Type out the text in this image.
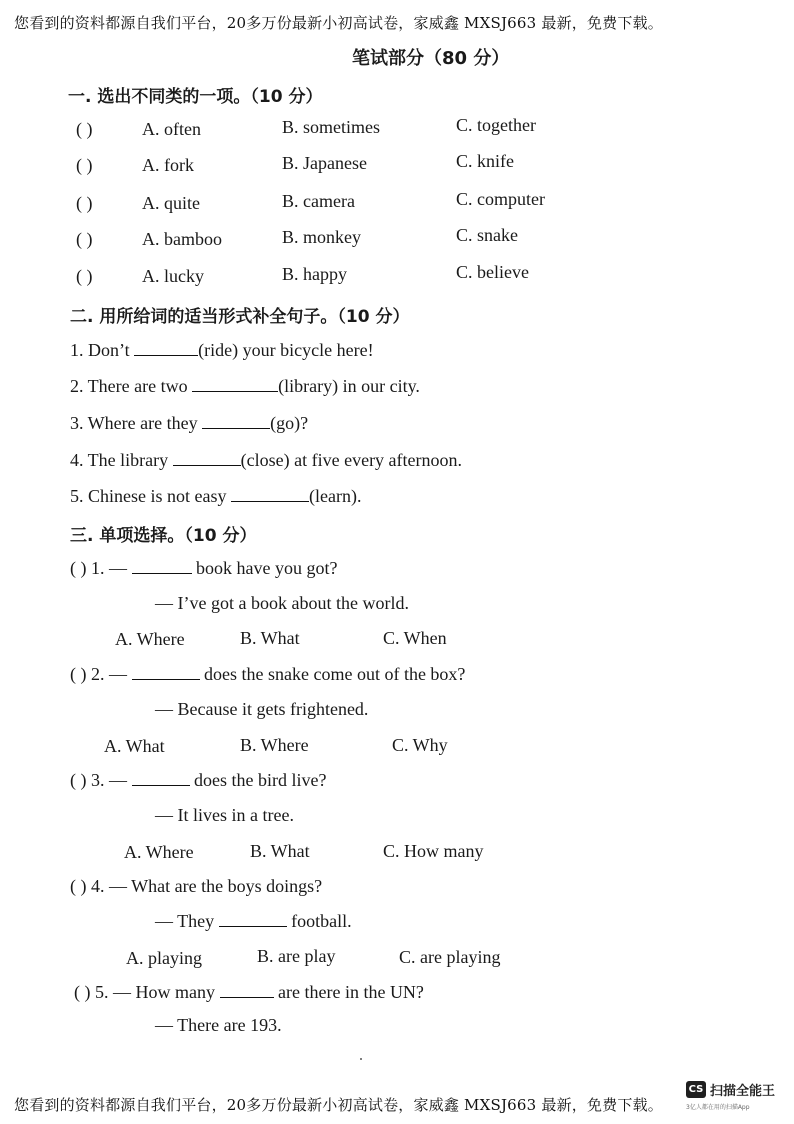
您看到的资料都源自我们平台，20多万份最新小初高试卷，家威鑫 MXSJ663 最新，免费下载。
笔试部分（80 分）
一. 选出不同类的一项。（10 分）
( )	A. often	B. sometimes	C. together
( )	A. fork	B. Japanese	C. knife
( )	A. quite	B. camera	C. computer
( )	A. bamboo	B. monkey	C. snake
( )	A. lucky	B. happy	C. believe
二. 用所给词的适当形式补全句子。（10 分）
1. Don’t	(ride) your bicycle here!
2. There are two	(library) in our city.
3. Where are they	(go)?
4. The library	(close) at five every afternoon.
5. Chinese is not easy	(learn).
三. 单项选择。（10 分）
( ) 1. —	book have you got?
— I’ve got a book about the world.
A. Where	B. What	C. When
( ) 2. —	does the snake come out of the box?
— Because it gets frightened.
A. What	B. Where	C. Why
( ) 3. —	does the bird live?
— It lives in a tree.
A. Where	B. What	C. How many
( ) 4. — What are the boys doings?
— They	football.
A. playing	B. are play	C. are playing
( ) 5. — How many	are there in the UN?
— There are 193.
您看到的资料都源自我们平台，20多万份最新小初高试卷，家威鑫 MXSJ663 最新，免费下载。
CS 扫描全能王
3亿人都在用的扫描App
